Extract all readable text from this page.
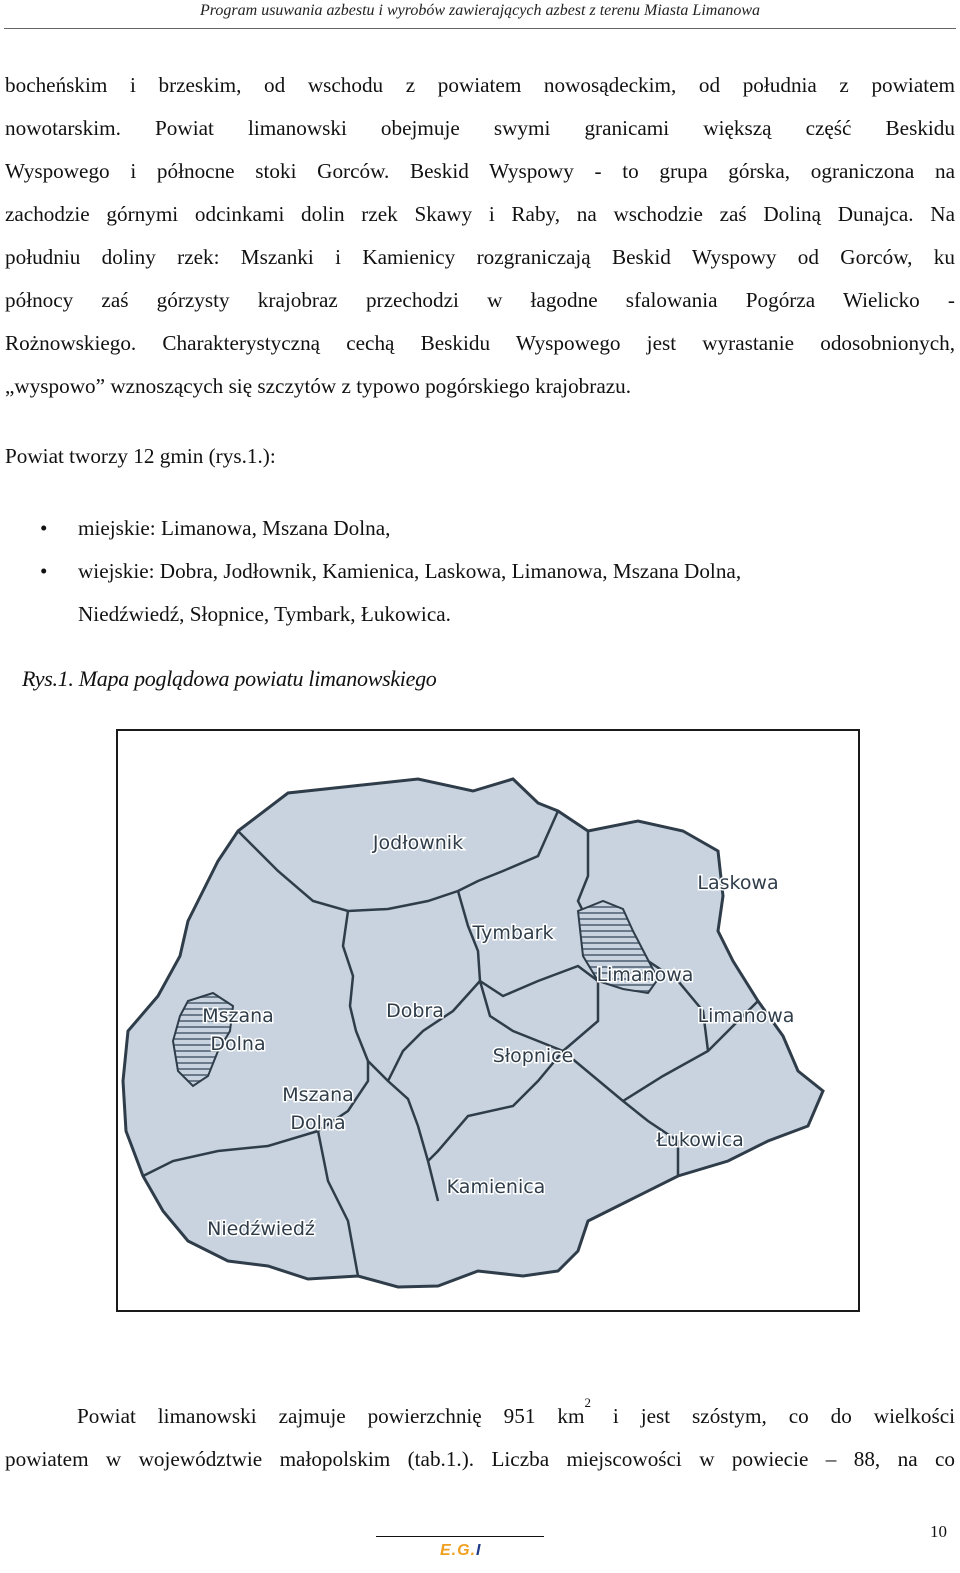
Program usuwania azbestu i wyrobów zawierających azbest z terenu Miasta Limanowa
bocheńskim i brzeskim, od wschodu z powiatem nowosądeckim, od południa z powiatem
nowotarskim. Powiat limanowski obejmuje swymi granicami większą część Beskidu
Wyspowego i północne stoki Gorców. Beskid Wyspowy - to grupa górska, ograniczona na
zachodzie górnymi odcinkami dolin rzek Skawy i Raby, na wschodzie zaś Doliną Dunajca. Na
południu doliny rzek: Mszanki i Kamienicy rozgraniczają Beskid Wyspowy od Gorców, ku
północy zaś górzysty krajobraz przechodzi w łagodne sfalowania Pogórza Wielicko -
Rożnowskiego. Charakterystyczną cechą Beskidu Wyspowego jest wyrastanie odosobnionych,
„wyspowo” wznoszących się szczytów z typowo pogórskiego krajobrazu.
Powiat tworzy 12 gmin (rys.1.):
• miejskie: Limanowa, Mszana Dolna,
• wiejskie: Dobra, Jodłownik, Kamienica, Laskowa, Limanowa, Mszana Dolna,
Niedźwiedź, Słopnice, Tymbark, Łukowica.
Rys.1. Mapa poglądowa powiatu limanowskiego
Jodłownik
Laskowa
Tymbark
Limanowa
Limanowa
Mszana
Dolna
Dobra
Słopnice
Mszana
Dolna
Łukowica
Kamienica
Niedźwiedź
Powiat limanowski zajmuje powierzchnię 951 $km^2$ i jest szóstym, co do wielkości
powiatem w województwie małopolskim (tab.1.). Liczba miejscowości w powiecie – 88, na co
E.G.I
10
